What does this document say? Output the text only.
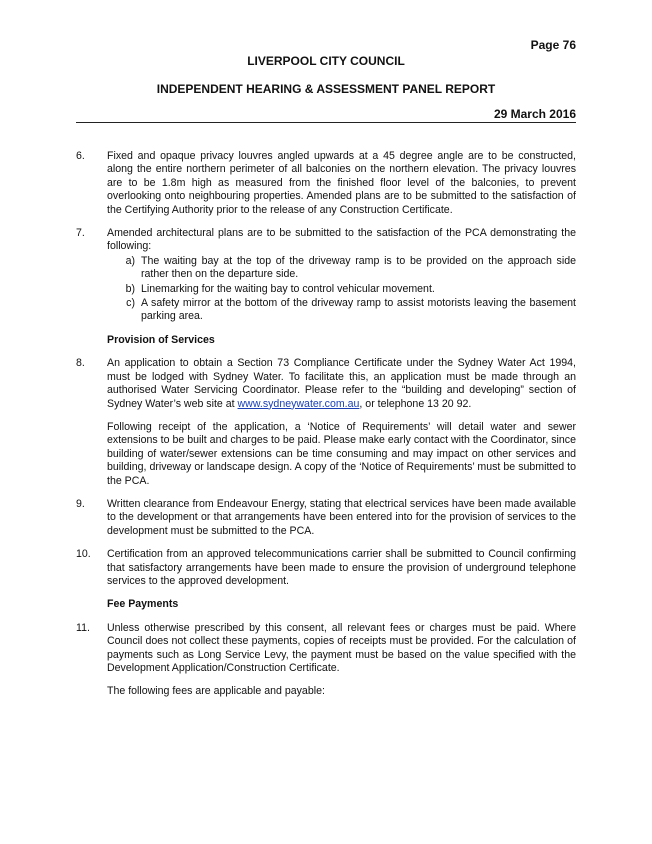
Page 76
LIVERPOOL CITY COUNCIL
INDEPENDENT HEARING & ASSESSMENT PANEL REPORT
29 March 2016
6.	Fixed and opaque privacy louvres angled upwards at a 45 degree angle are to be constructed, along the entire northern perimeter of all balconies on the northern elevation. The privacy louvres are to be 1.8m high as measured from the finished floor level of the balconies, to prevent overlooking onto neighbouring properties. Amended plans are to be submitted to the satisfaction of the Certifying Authority prior to the release of any Construction Certificate.
7.	Amended architectural plans are to be submitted to the satisfaction of the PCA demonstrating the following:
a) The waiting bay at the top of the driveway ramp is to be provided on the approach side rather then on the departure side.
b) Linemarking for the waiting bay to control vehicular movement.
c) A safety mirror at the bottom of the driveway ramp to assist motorists leaving the basement parking area.
Provision of Services
8.	An application to obtain a Section 73 Compliance Certificate under the Sydney Water Act 1994, must be lodged with Sydney Water. To facilitate this, an application must be made through an authorised Water Servicing Coordinator. Please refer to the “building and developing” section of Sydney Water’s web site at www.sydneywater.com.au, or telephone 13 20 92.
Following receipt of the application, a ‘Notice of Requirements’ will detail water and sewer extensions to be built and charges to be paid. Please make early contact with the Coordinator, since building of water/sewer extensions can be time consuming and may impact on other services and building, driveway or landscape design. A copy of the ‘Notice of Requirements’ must be submitted to the PCA.
9.	Written clearance from Endeavour Energy, stating that electrical services have been made available to the development or that arrangements have been entered into for the provision of services to the development must be submitted to the PCA.
10.	Certification from an approved telecommunications carrier shall be submitted to Council confirming that satisfactory arrangements have been made to ensure the provision of underground telephone services to the approved development.
Fee Payments
11.	Unless otherwise prescribed by this consent, all relevant fees or charges must be paid. Where Council does not collect these payments, copies of receipts must be provided. For the calculation of payments such as Long Service Levy, the payment must be based on the value specified with the Development Application/Construction Certificate.
The following fees are applicable and payable:
